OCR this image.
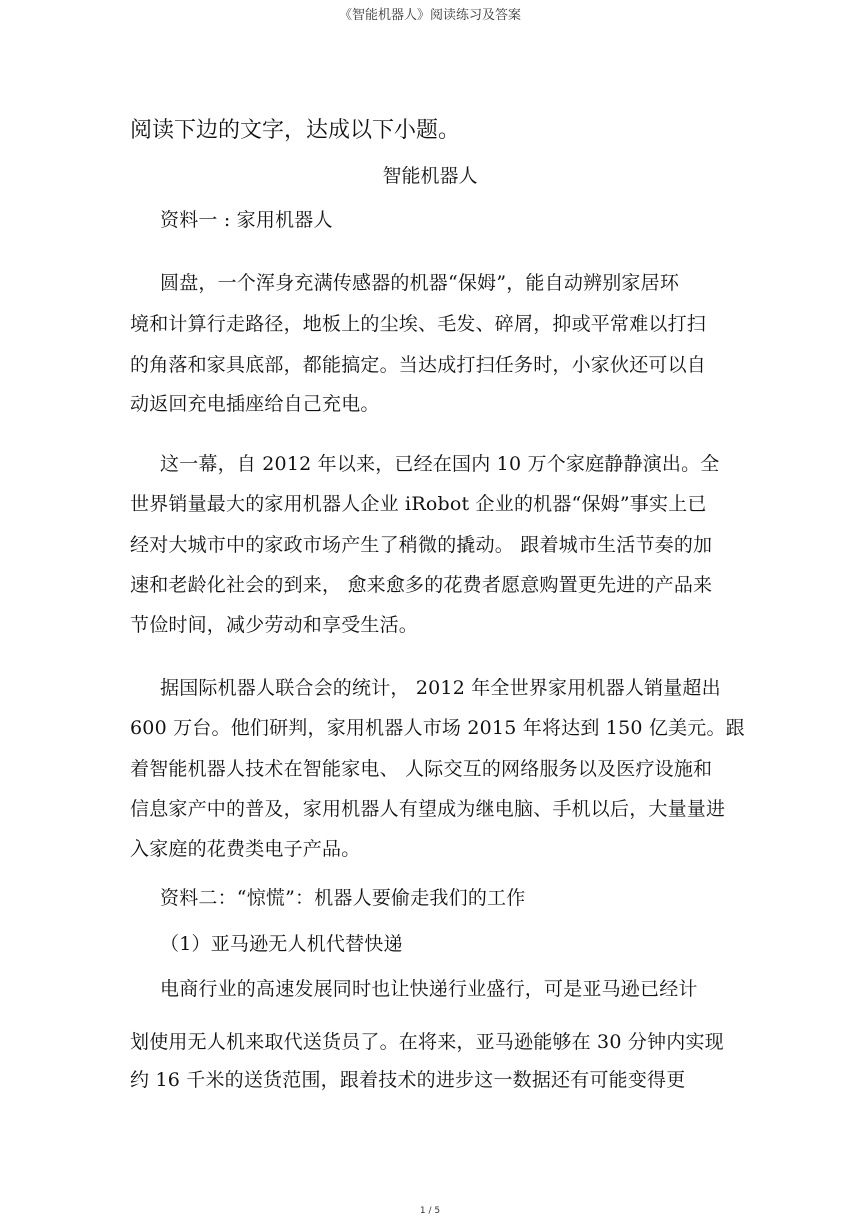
《智能机器人》阅读练习及答案
阅读下边的文字，达成以下小题。
智能机器人
资料一 : 家用机器人
圆盘，一个浑身充满传感器的机器“保姆”，能自动辨别家居环
境和计算行走路径，地板上的尘埃、毛发、碎屑，抑或平常难以打扫
的角落和家具底部，都能搞定。当达成打扫任务时，小家伙还可以自
动返回充电插座给自己充电。
这一幕，自 2012 年以来，已经在国内 10 万个家庭静静演出。全
世界销量最大的家用机器人企业 iRobot 企业的机器“保姆”事实上已
经对大城市中的家政市场产生了稍微的撬动。 跟着城市生活节奏的加
速和老龄化社会的到来， 愈来愈多的花费者愿意购置更先进的产品来
节俭时间，减少劳动和享受生活。
据国际机器人联合会的统计， 2012 年全世界家用机器人销量超出
600 万台。他们研判，家用机器人市场 2015 年将达到 150 亿美元。跟
着智能机器人技术在智能家电、 人际交互的网络服务以及医疗设施和
信息家产中的普及，家用机器人有望成为继电脑、手机以后，大量量进
入家庭的花费类电子产品。
资料二：“惊慌”：机器人要偷走我们的工作
（1）亚马逊无人机代替快递
电商行业的高速发展同时也让快递行业盛行，可是亚马逊已经计
划使用无人机来取代送货员了。在将来，亚马逊能够在 30 分钟内实现
约 16 千米的送货范围，跟着技术的进步这一数据还有可能变得更
1 / 5
